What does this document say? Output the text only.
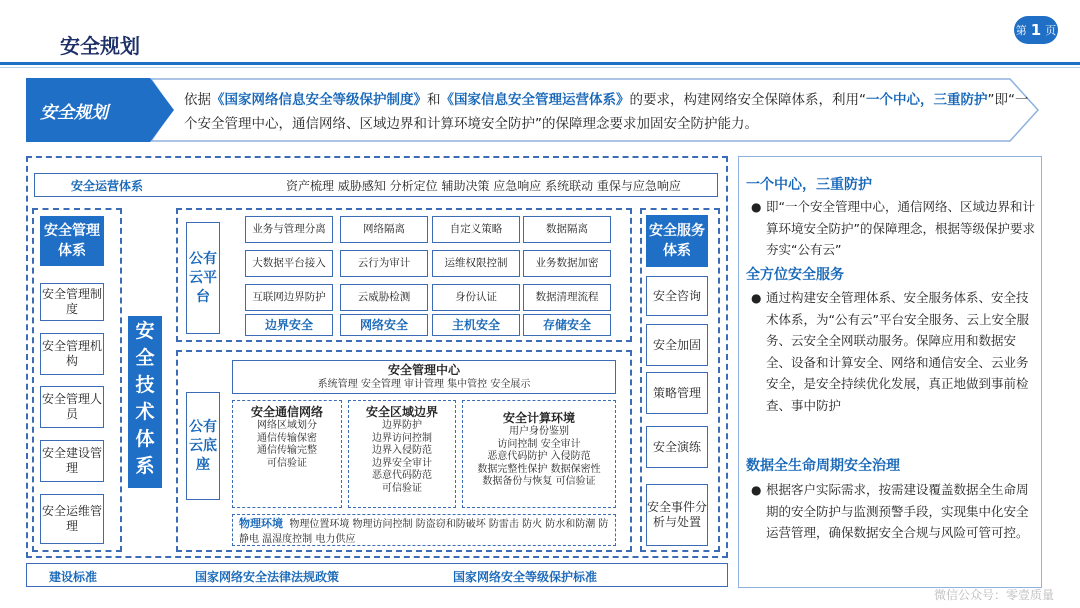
安全规划
第 1 页
安全规划
依据《国家网络信息安全等级保护制度》和《国家信息安全管理运营体系》的要求，构建网络安全保障体系，利用“一个中心，三重防护”即“一个安全管理中心，通信网络、区域边界和计算环境安全防护”的保障理念要求加固安全防护能力。
安全运营体系	资产梳理 威胁感知 分析定位 辅助决策 应急响应 系统联动 重保与应急响应
安全管理体系
安全管理制度
安全管理机构
安全管理人员
安全建设管理
安全运维管理
安全技术体系
公有云平台
业务与管理分离	网络隔离	自定义策略	数据隔离
大数据平台接入	云行为审计	运维权限控制	业务数据加密
互联网边界防护	云威胁检测	身份认证	数据清理流程
边界安全	网络安全	主机安全	存储安全
公有云底座
安全管理中心
系统管理 安全管理 审计管理 集中管控 安全展示
安全通信网络
网络区域划分
通信传输保密
通信传输完整
可信验证
安全区域边界
边界防护
边界访问控制
边界入侵防范
边界安全审计
恶意代码防范
可信验证
安全计算环境
用户身份鉴别
访问控制 安全审计
恶意代码防护 入侵防范
数据完整性保护 数据保密性
数据备份与恢复 可信验证
物理环境 物理位置环境 物理访问控制 防盗窃和防破坏 防雷击 防火 防水和防潮 防静电 温湿度控制 电力供应
安全服务体系
安全咨询
安全加固
策略管理
安全演练
安全事件分析与处置
建设标准	国家网络安全法律法规政策	国家网络安全等级保护标准
一个中心，三重防护
● 即“一个安全管理中心，通信网络、区域边界和计算环境安全防护”的保障理念，根据等级保护要求夯实“公有云”
全方位安全服务
● 通过构建安全管理体系、安全服务体系、安全技术体系，为“公有云”平台安全服务、云上安全服务、云安全全网联动服务。保障应用和数据安全、设备和计算安全、网络和通信安全、云业务安全，是安全持续优化发展，真正地做到事前检查、事中防护
数据全生命周期安全治理
● 根据客户实际需求，按需建设覆盖数据全生命周期的安全防护与监测预警手段，实现集中化安全运营管理，确保数据安全合规与风险可管可控。
微信公众号：零壹质量
